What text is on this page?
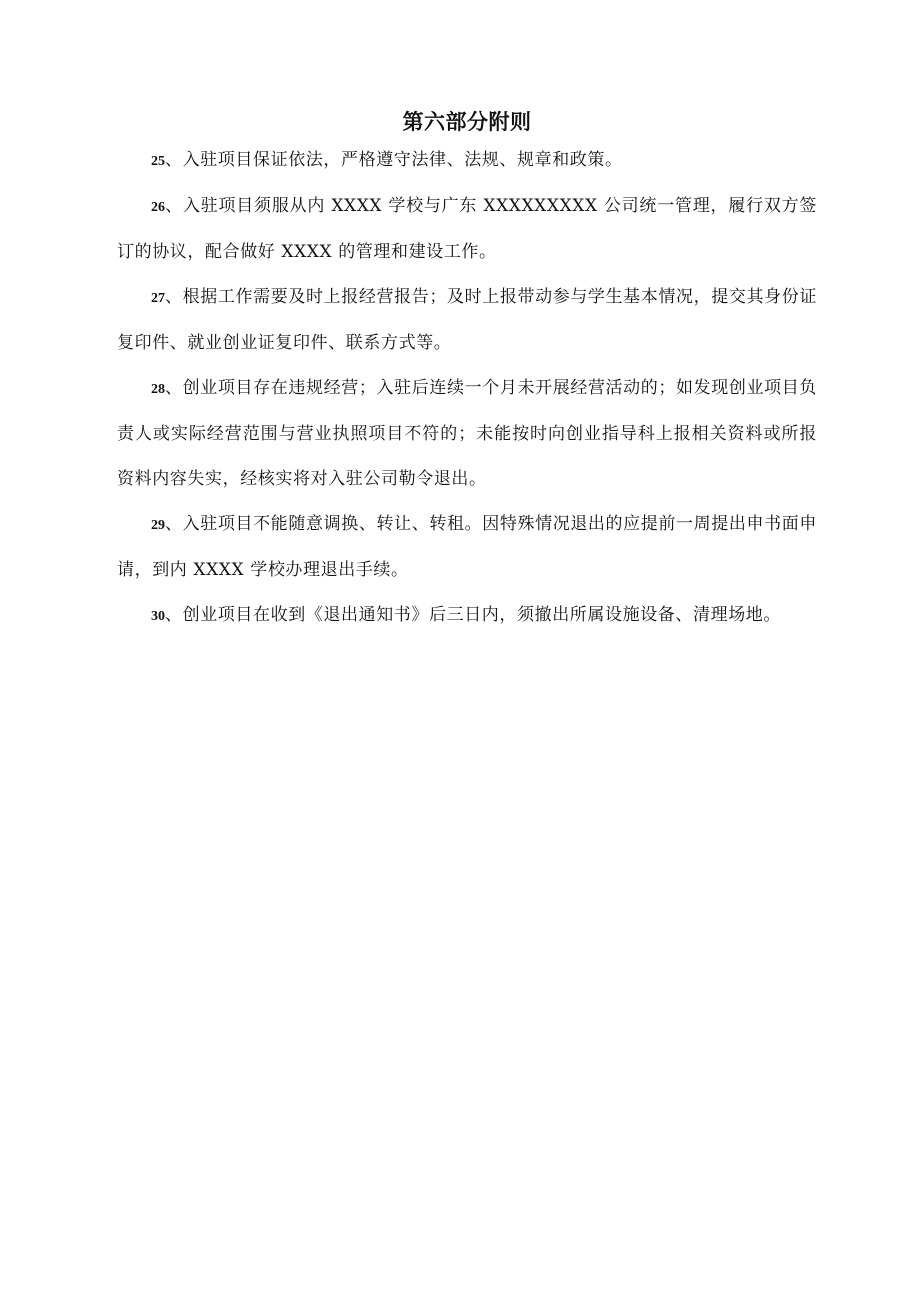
第六部分附则

25、入驻项目保证依法，严格遵守法律、法规、规章和政策。

26、入驻项目须服从内 XXXX 学校与广东 XXXXXXXXX 公司统一管理，履行双方签订的协议，配合做好 XXXX 的管理和建设工作。

27、根据工作需要及时上报经营报告；及时上报带动参与学生基本情况，提交其身份证复印件、就业创业证复印件、联系方式等。

28、创业项目存在违规经营；入驻后连续一个月未开展经营活动的；如发现创业项目负责人或实际经营范围与营业执照项目不符的；未能按时向创业指导科上报相关资料或所报资料内容失实，经核实将对入驻公司勒令退出。

29、入驻项目不能随意调换、转让、转租。因特殊情况退出的应提前一周提出申书面申请，到内 XXXX 学校办理退出手续。

30、创业项目在收到《退出通知书》后三日内，须撤出所属设施设备、清理场地。
